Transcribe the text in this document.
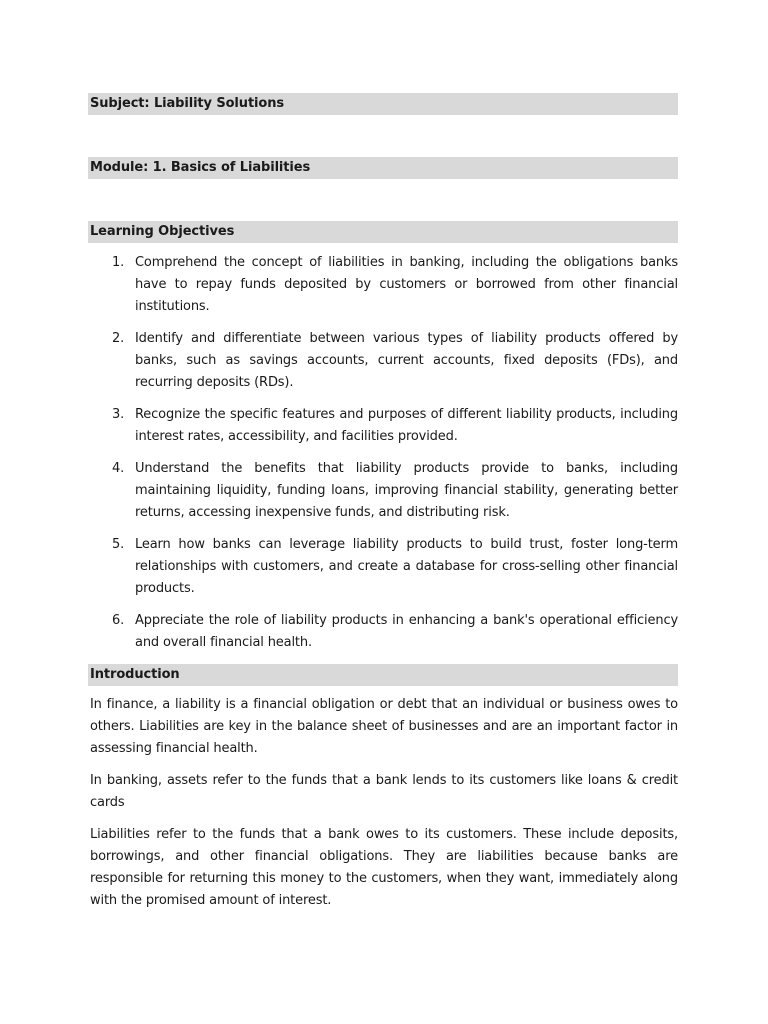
Subject: Liability Solutions
Module: 1. Basics of Liabilities
Learning Objectives
1. Comprehend the concept of liabilities in banking, including the obligations banks have to repay funds deposited by customers or borrowed from other financial institutions.
2. Identify and differentiate between various types of liability products offered by banks, such as savings accounts, current accounts, fixed deposits (FDs), and recurring deposits (RDs).
3. Recognize the specific features and purposes of different liability products, including interest rates, accessibility, and facilities provided.
4. Understand the benefits that liability products provide to banks, including maintaining liquidity, funding loans, improving financial stability, generating better returns, accessing inexpensive funds, and distributing risk.
5. Learn how banks can leverage liability products to build trust, foster long-term relationships with customers, and create a database for cross-selling other financial products.
6. Appreciate the role of liability products in enhancing a bank's operational efficiency and overall financial health.
Introduction

In finance, a liability is a financial obligation or debt that an individual or business owes to others. Liabilities are key in the balance sheet of businesses and are an important factor in assessing financial health.

In banking, assets refer to the funds that a bank lends to its customers like loans & credit cards

Liabilities refer to the funds that a bank owes to its customers. These include deposits, borrowings, and other financial obligations. They are liabilities because banks are responsible for returning this money to the customers, when they want, immediately along with the promised amount of interest.
